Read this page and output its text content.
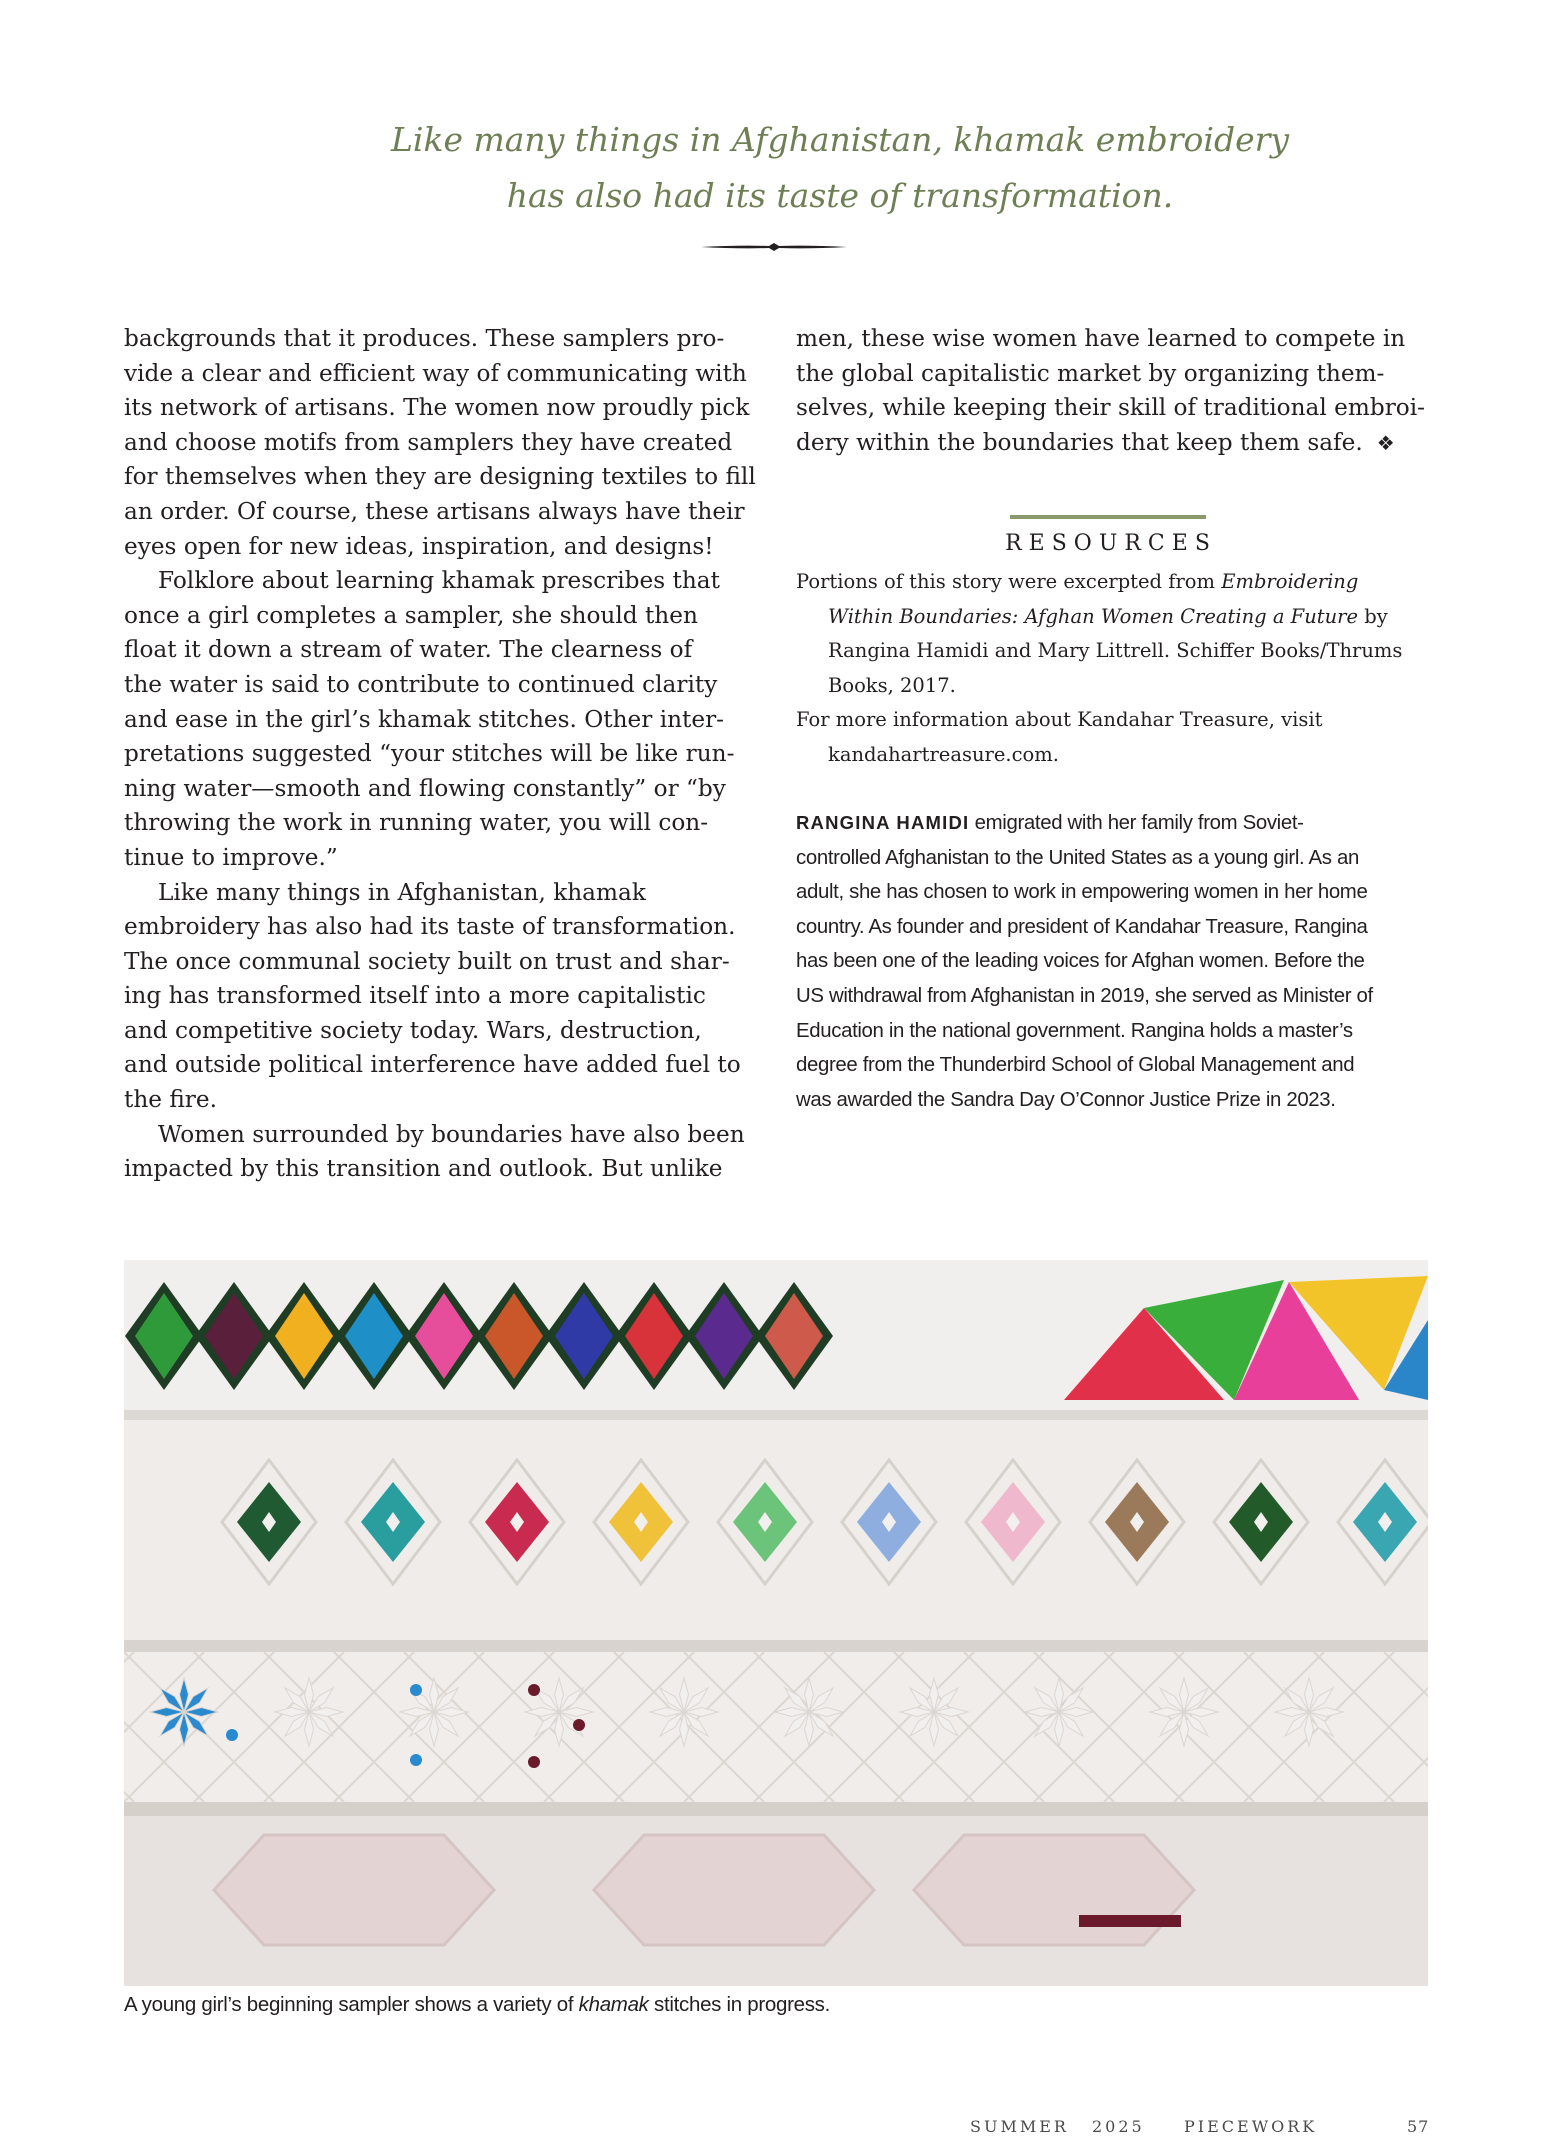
Like many things in Afghanistan, khamak embroidery
has also had its taste of transformation.

backgrounds that it produces. These samplers pro-
vide a clear and efficient way of communicating with
its network of artisans. The women now proudly pick
and choose motifs from samplers they have created
for themselves when they are designing textiles to fill
an order. Of course, these artisans always have their
eyes open for new ideas, inspiration, and designs!

Folklore about learning khamak prescribes that
once a girl completes a sampler, she should then
float it down a stream of water. The clearness of
the water is said to contribute to continued clarity
and ease in the girl’s khamak stitches. Other inter-
pretations suggested “your stitches will be like run-
ning water—smooth and flowing constantly” or “by
throwing the work in running water, you will con-
tinue to improve.”

Like many things in Afghanistan, khamak
embroidery has also had its taste of transformation.
The once communal society built on trust and shar-
ing has transformed itself into a more capitalistic
and competitive society today. Wars, destruction,
and outside political interference have added fuel to
the fire.

Women surrounded by boundaries have also been
impacted by this transition and outlook. But unlike

men, these wise women have learned to compete in
the global capitalistic market by organizing them-
selves, while keeping their skill of traditional embroi-
dery within the boundaries that keep them safe. ❖

RESOURCES

Portions of this story were excerpted from Embroidering
Within Boundaries: Afghan Women Creating a Future by
Rangina Hamidi and Mary Littrell. Schiffer Books/Thrums
Books, 2017.

For more information about Kandahar Treasure, visit
kandahartreasure.com.

RANGINA HAMIDI emigrated with her family from Soviet-
controlled Afghanistan to the United States as a young girl. As an
adult, she has chosen to work in empowering women in her home
country. As founder and president of Kandahar Treasure, Rangina
has been one of the leading voices for Afghan women. Before the
US withdrawal from Afghanistan in 2019, she served as Minister of
Education in the national government. Rangina holds a master’s
degree from the Thunderbird School of Global Management and
was awarded the Sandra Day O’Connor Justice Prize in 2023.
A young girl’s beginning sampler shows a variety of khamak stitches in progress.
SUMMER 2025 PIECEWORK	57
